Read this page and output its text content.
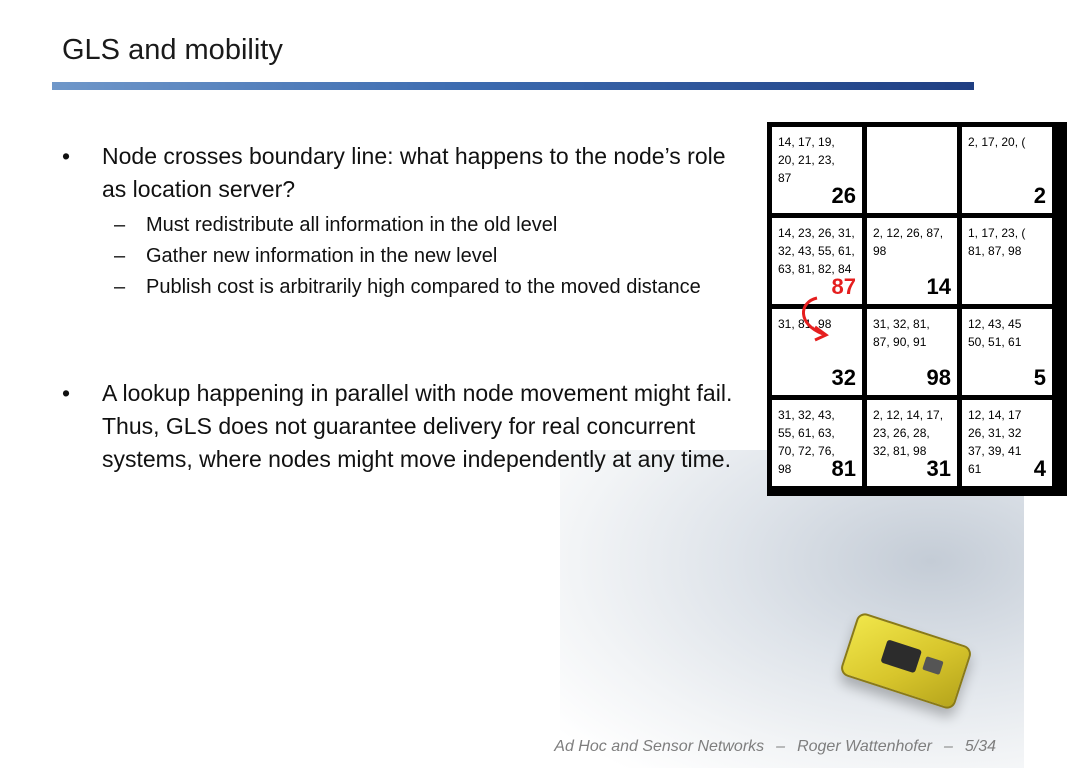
GLS and mobility
• Node crosses boundary line: what happens to the node’s role as location server?
– Must redistribute all information in the old level
– Gather new information in the new level
– Publish cost is arbitrarily high compared to the moved distance
• A lookup happening in parallel with node movement might fail. Thus, GLS does not guarantee delivery for real concurrent systems, where nodes might move independently at any time.
14, 17, 19,
20, 21, 23,
87
26
2, 17, 20, (
2
14, 23, 26, 31,
32, 43, 55, 61,
63, 81, 82, 84
87
2, 12, 26, 87,
98
14
1, 17, 23, (
81, 87, 98
31, 81, 98
32
31, 32, 81,
87, 90, 91
98
12, 43, 45
50, 51, 61
5
31, 32, 43,
55, 61, 63,
70, 72, 76,
98	81
2, 12, 14, 17,
23, 26, 28,
32, 81, 98
31
12, 14, 17
26, 31, 32
37, 39, 41
61	4
Ad Hoc and Sensor Networks – Roger Wattenhofer – 5/34
